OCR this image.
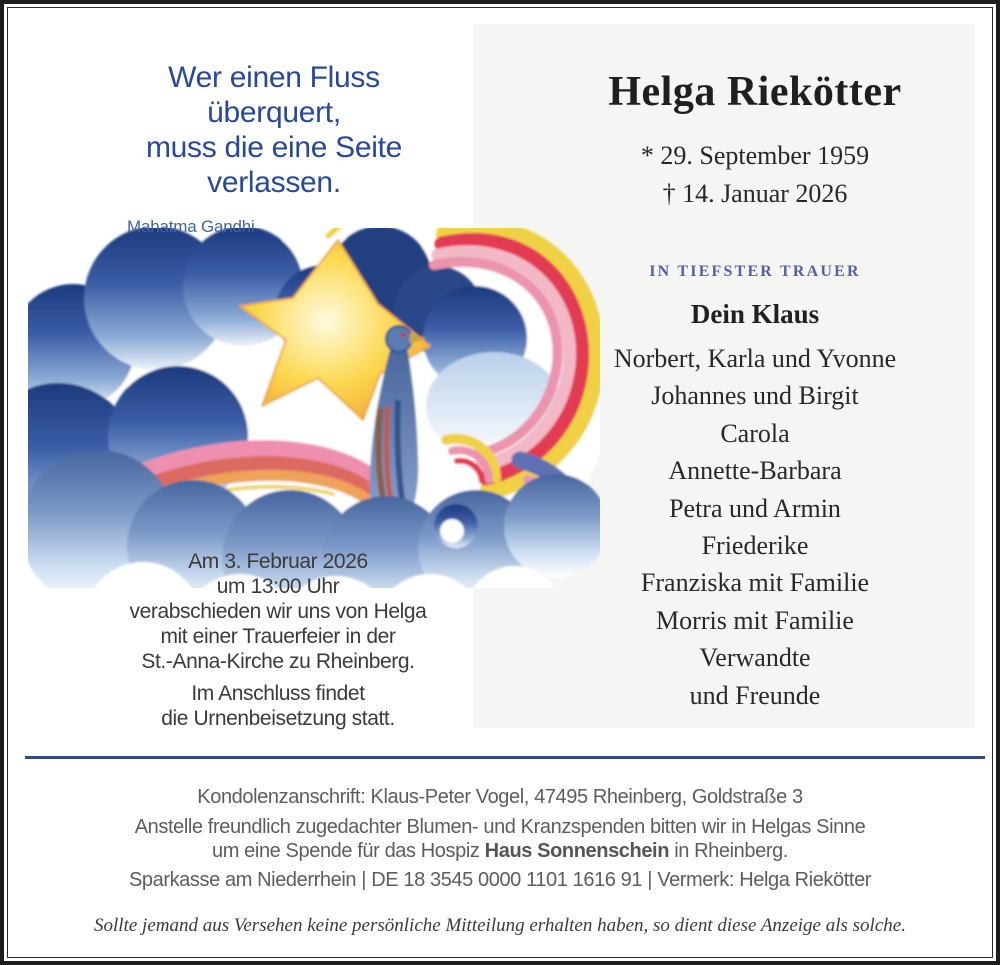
Wer einen Fluss
überquert,
muss die eine Seite
verlassen.
Mahatma Gandhi

Am 3. Februar 2026
um 13:00 Uhr
verabschieden wir uns von Helga
mit einer Trauerfeier in der
St.-Anna-Kirche zu Rheinberg.

Im Anschluss findet
die Urnenbeisetzung statt.

Helga Riekötter
* 29. September 1959
† 14. Januar 2026
IN TIEFSTER TRAUER
Dein Klaus
Norbert, Karla und Yvonne
Johannes und Birgit
Carola
Annette-Barbara
Petra und Armin
Friederike
Franziska mit Familie
Morris mit Familie
Verwandte
und Freunde
Kondolenzanschrift: Klaus-Peter Vogel, 47495 Rheinberg, Goldstraße 3
Anstelle freundlich zugedachter Blumen- und Kranzspenden bitten wir in Helgas Sinne
um eine Spende für das Hospiz Haus Sonnenschein in Rheinberg.
Sparkasse am Niederrhein | DE 18 3545 0000 1101 1616 91 | Vermerk: Helga Riekötter
Sollte jemand aus Versehen keine persönliche Mitteilung erhalten haben, so dient diese Anzeige als solche.
